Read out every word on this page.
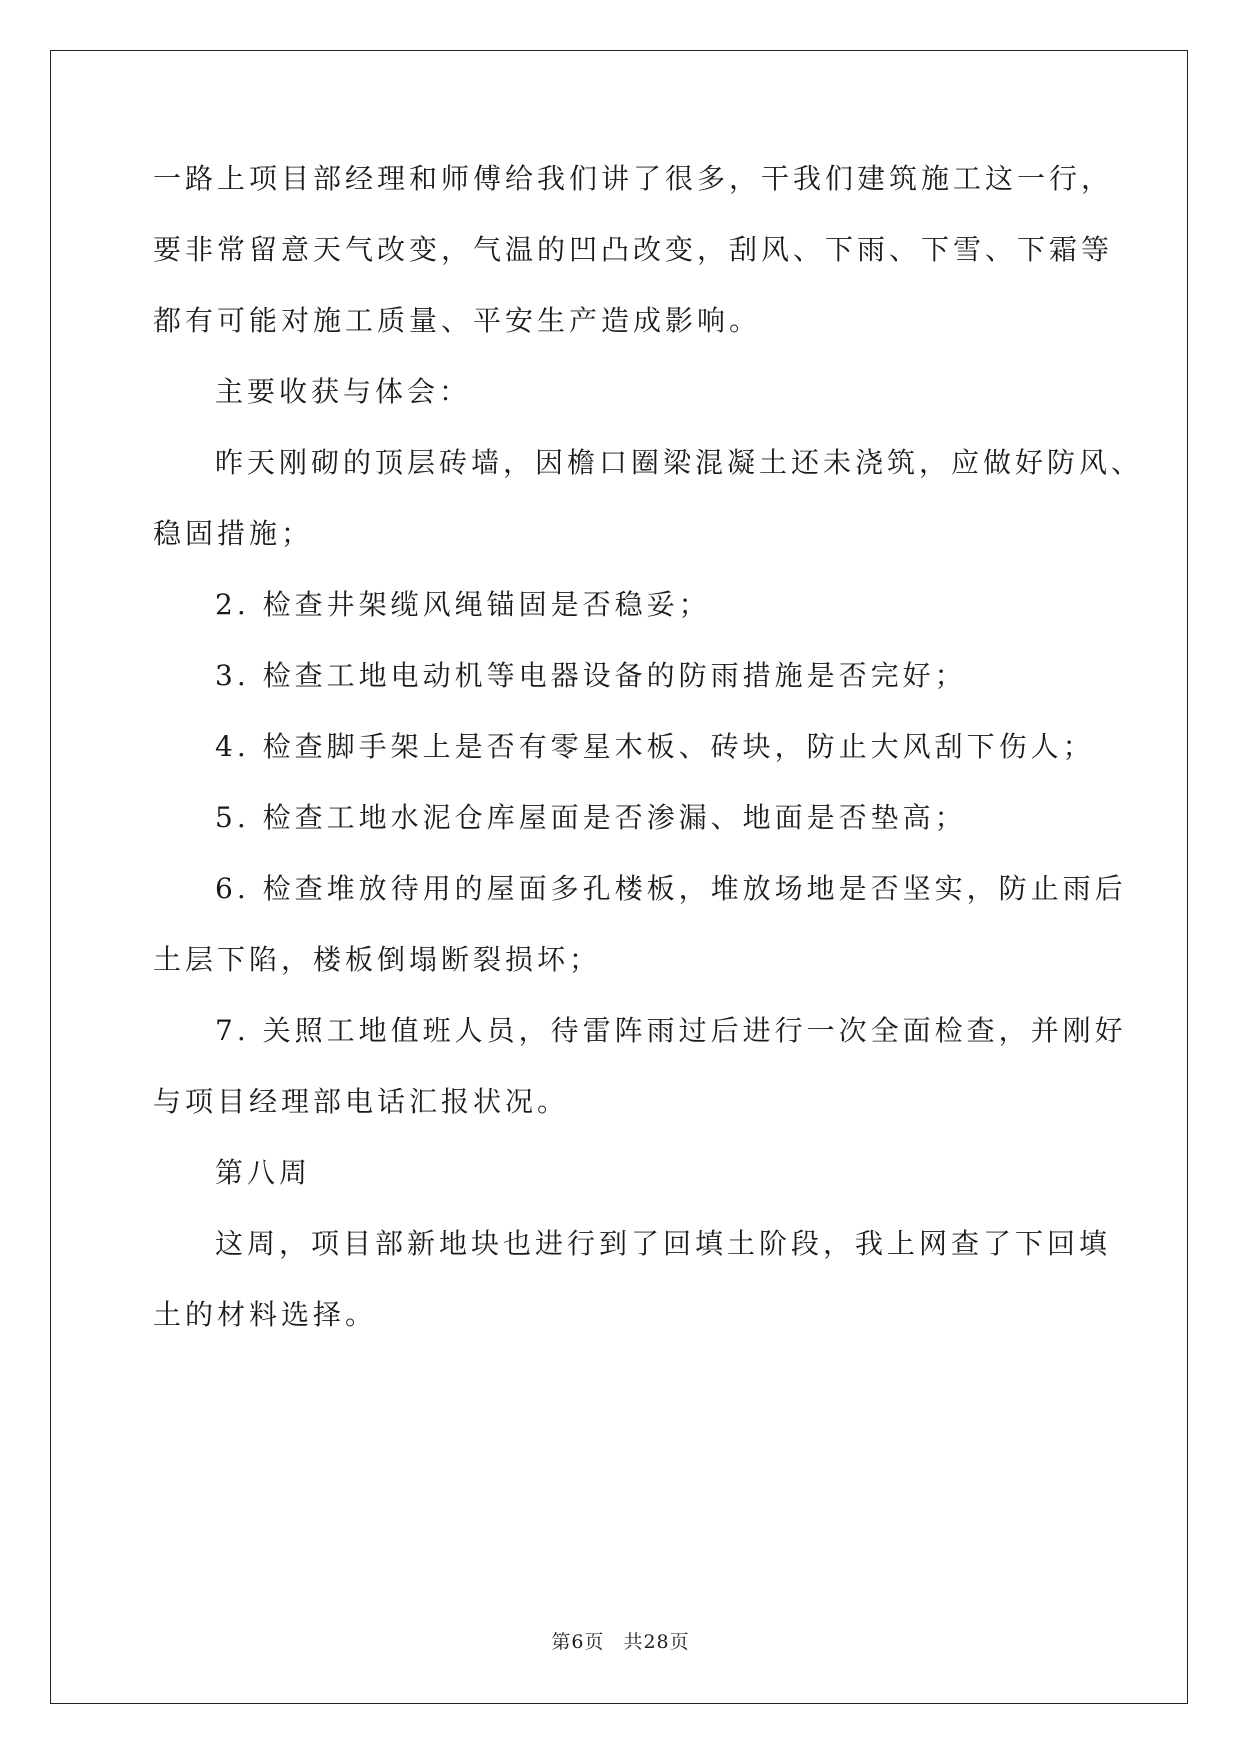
一路上项目部经理和师傅给我们讲了很多，干我们建筑施工这一行，
要非常留意天气改变，气温的凹凸改变，刮风、下雨、下雪、下霜等
都有可能对施工质量、平安生产造成影响。
主要收获与体会：
昨天刚砌的顶层砖墙，因檐口圈梁混凝土还未浇筑，应做好防风、
稳固措施；
2. 检查井架缆风绳锚固是否稳妥；
3. 检查工地电动机等电器设备的防雨措施是否完好；
4. 检查脚手架上是否有零星木板、砖块，防止大风刮下伤人；
5. 检查工地水泥仓库屋面是否渗漏、地面是否垫高；
6. 检查堆放待用的屋面多孔楼板，堆放场地是否坚实，防止雨后
土层下陷，楼板倒塌断裂损坏；
7. 关照工地值班人员，待雷阵雨过后进行一次全面检查，并刚好
与项目经理部电话汇报状况。
第八周
这周，项目部新地块也进行到了回填土阶段，我上网查了下回填
土的材料选择。
第6页 共28页
